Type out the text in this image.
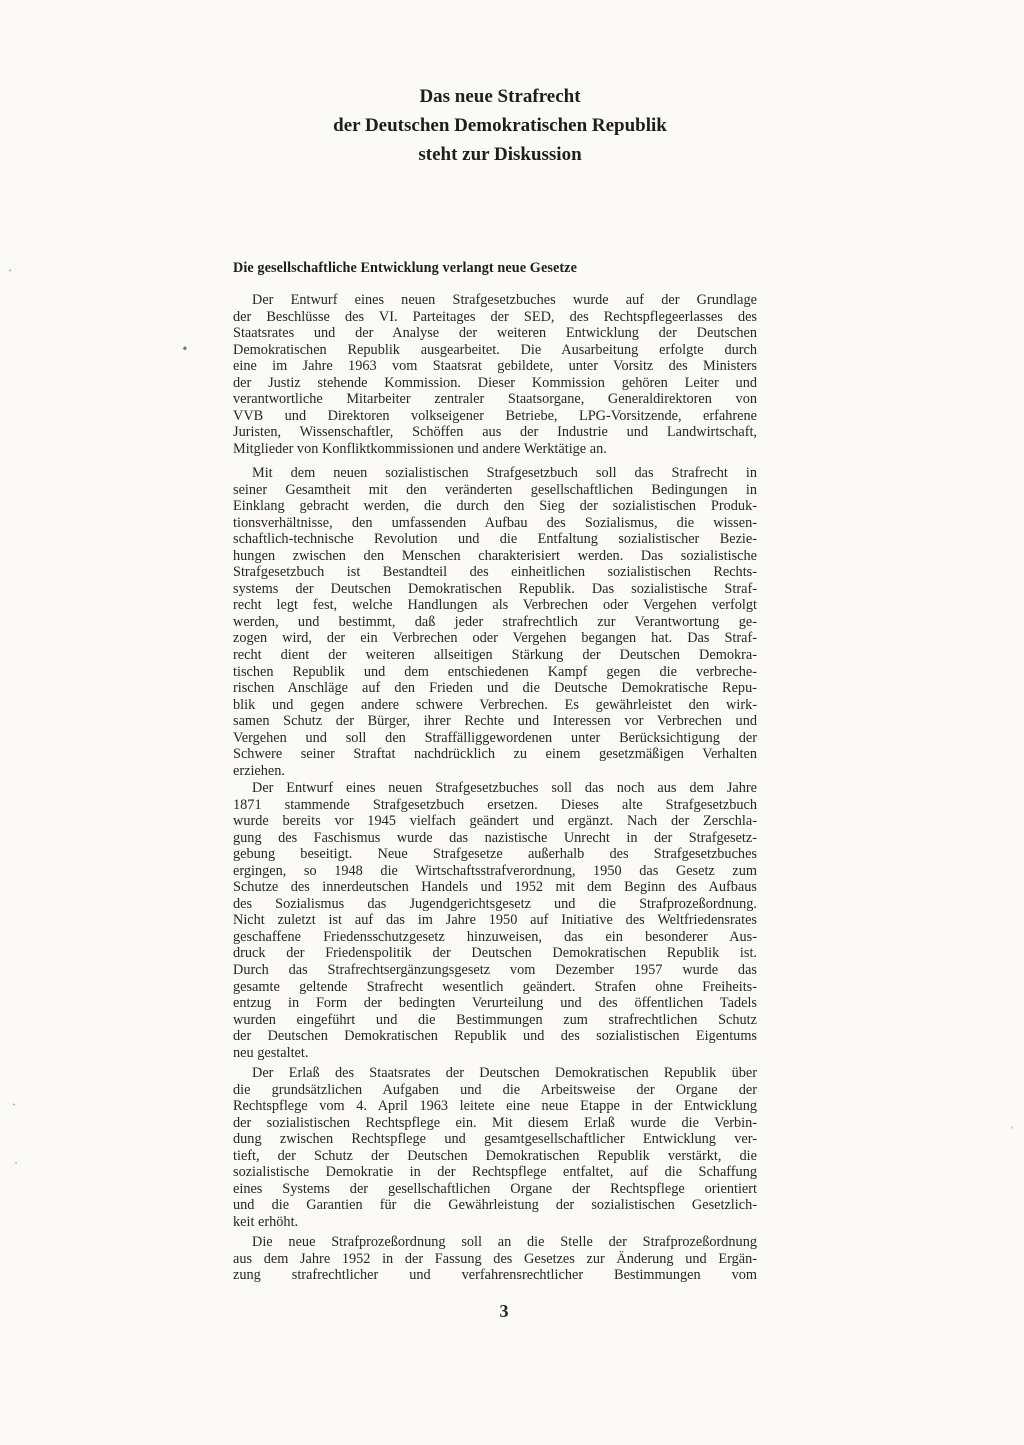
Das neue Strafrecht
der Deutschen Demokratischen Republik
steht zur Diskussion
Die gesellschaftliche Entwicklung verlangt neue Gesetze
Der Entwurf eines neuen Strafgesetzbuches wurde auf der Grundlage
der Beschlüsse des VI. Parteitages der SED, des Rechtspflegeerlasses des
Staatsrates und der Analyse der weiteren Entwicklung der Deutschen
Demokratischen Republik ausgearbeitet. Die Ausarbeitung erfolgte durch
eine im Jahre 1963 vom Staatsrat gebildete, unter Vorsitz des Ministers
der Justiz stehende Kommission. Dieser Kommission gehören Leiter und
verantwortliche Mitarbeiter zentraler Staatsorgane, Generaldirektoren von
VVB und Direktoren volkseigener Betriebe, LPG-Vorsitzende, erfahrene
Juristen, Wissenschaftler, Schöffen aus der Industrie und Landwirtschaft,
Mitglieder von Konfliktkommissionen und andere Werktätige an.
Mit dem neuen sozialistischen Strafgesetzbuch soll das Strafrecht in
seiner Gesamtheit mit den veränderten gesellschaftlichen Bedingungen in
Einklang gebracht werden, die durch den Sieg der sozialistischen Produk-
tionsverhältnisse, den umfassenden Aufbau des Sozialismus, die wissen-
schaftlich-technische Revolution und die Entfaltung sozialistischer Bezie-
hungen zwischen den Menschen charakterisiert werden. Das sozialistische
Strafgesetzbuch ist Bestandteil des einheitlichen sozialistischen Rechts-
systems der Deutschen Demokratischen Republik. Das sozialistische Straf-
recht legt fest, welche Handlungen als Verbrechen oder Vergehen verfolgt
werden, und bestimmt, daß jeder strafrechtlich zur Verantwortung ge-
zogen wird, der ein Verbrechen oder Vergehen begangen hat. Das Straf-
recht dient der weiteren allseitigen Stärkung der Deutschen Demokra-
tischen Republik und dem entschiedenen Kampf gegen die verbreche-
rischen Anschläge auf den Frieden und die Deutsche Demokratische Repu-
blik und gegen andere schwere Verbrechen. Es gewährleistet den wirk-
samen Schutz der Bürger, ihrer Rechte und Interessen vor Verbrechen und
Vergehen und soll den Straffälliggewordenen unter Berücksichtigung der
Schwere seiner Straftat nachdrücklich zu einem gesetzmäßigen Verhalten
erziehen.
Der Entwurf eines neuen Strafgesetzbuches soll das noch aus dem Jahre
1871 stammende Strafgesetzbuch ersetzen. Dieses alte Strafgesetzbuch
wurde bereits vor 1945 vielfach geändert und ergänzt. Nach der Zerschla-
gung des Faschismus wurde das nazistische Unrecht in der Strafgesetz-
gebung beseitigt. Neue Strafgesetze außerhalb des Strafgesetzbuches
ergingen, so 1948 die Wirtschaftsstrafverordnung, 1950 das Gesetz zum
Schutze des innerdeutschen Handels und 1952 mit dem Beginn des Aufbaus
des Sozialismus das Jugendgerichtsgesetz und die Strafprozeßordnung.
Nicht zuletzt ist auf das im Jahre 1950 auf Initiative des Weltfriedensrates
geschaffene Friedensschutzgesetz hinzuweisen, das ein besonderer Aus-
druck der Friedenspolitik der Deutschen Demokratischen Republik ist.
Durch das Strafrechtsergänzungsgesetz vom Dezember 1957 wurde das
gesamte geltende Strafrecht wesentlich geändert. Strafen ohne Freiheits-
entzug in Form der bedingten Verurteilung und des öffentlichen Tadels
wurden eingeführt und die Bestimmungen zum strafrechtlichen Schutz
der Deutschen Demokratischen Republik und des sozialistischen Eigentums
neu gestaltet.
Der Erlaß des Staatsrates der Deutschen Demokratischen Republik über
die grundsätzlichen Aufgaben und die Arbeitsweise der Organe der
Rechtspflege vom 4. April 1963 leitete eine neue Etappe in der Entwicklung
der sozialistischen Rechtspflege ein. Mit diesem Erlaß wurde die Verbin-
dung zwischen Rechtspflege und gesamtgesellschaftlicher Entwicklung ver-
tieft, der Schutz der Deutschen Demokratischen Republik verstärkt, die
sozialistische Demokratie in der Rechtspflege entfaltet, auf die Schaffung
eines Systems der gesellschaftlichen Organe der Rechtspflege orientiert
und die Garantien für die Gewährleistung der sozialistischen Gesetzlich-
keit erhöht.
Die neue Strafprozeßordnung soll an die Stelle der Strafprozeßordnung
aus dem Jahre 1952 in der Fassung des Gesetzes zur Änderung und Ergän-
zung strafrechtlicher und verfahrensrechtlicher Bestimmungen vom
3
▪
ˊ
ˏ
˙
ˈ
